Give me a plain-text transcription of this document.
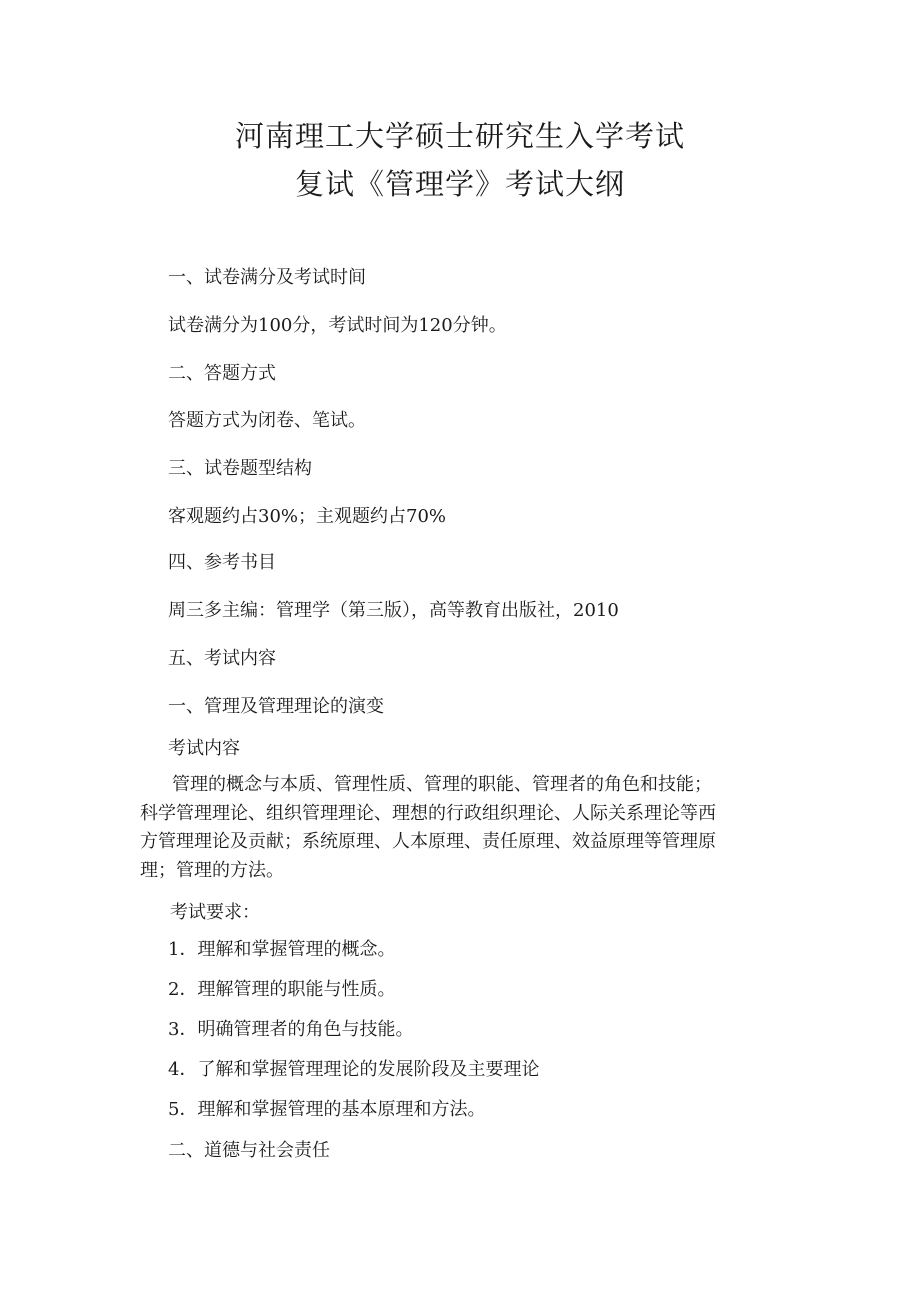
河南理工大学硕士研究生入学考试
复试《管理学》考试大纲

一、试卷满分及考试时间

试卷满分为100分，考试时间为120分钟。

二、答题方式

答题方式为闭卷、笔试。

三、试卷题型结构

客观题约占30%；主观题约占70%

四、参考书目

周三多主编：管理学（第三版），高等教育出版社，2010

五、考试内容

一、管理及管理理论的演变

考试内容

管理的概念与本质、管理性质、管理的职能、管理者的角色和技能；
科学管理理论、组织管理理论、理想的行政组织理论、人际关系理论等西
方管理理论及贡献；系统原理、人本原理、责任原理、效益原理等管理原
理；管理的方法。

考试要求：

1．理解和掌握管理的概念。

2．理解管理的职能与性质。

3．明确管理者的角色与技能。

4．了解和掌握管理理论的发展阶段及主要理论

5．理解和掌握管理的基本原理和方法。

二、道德与社会责任
